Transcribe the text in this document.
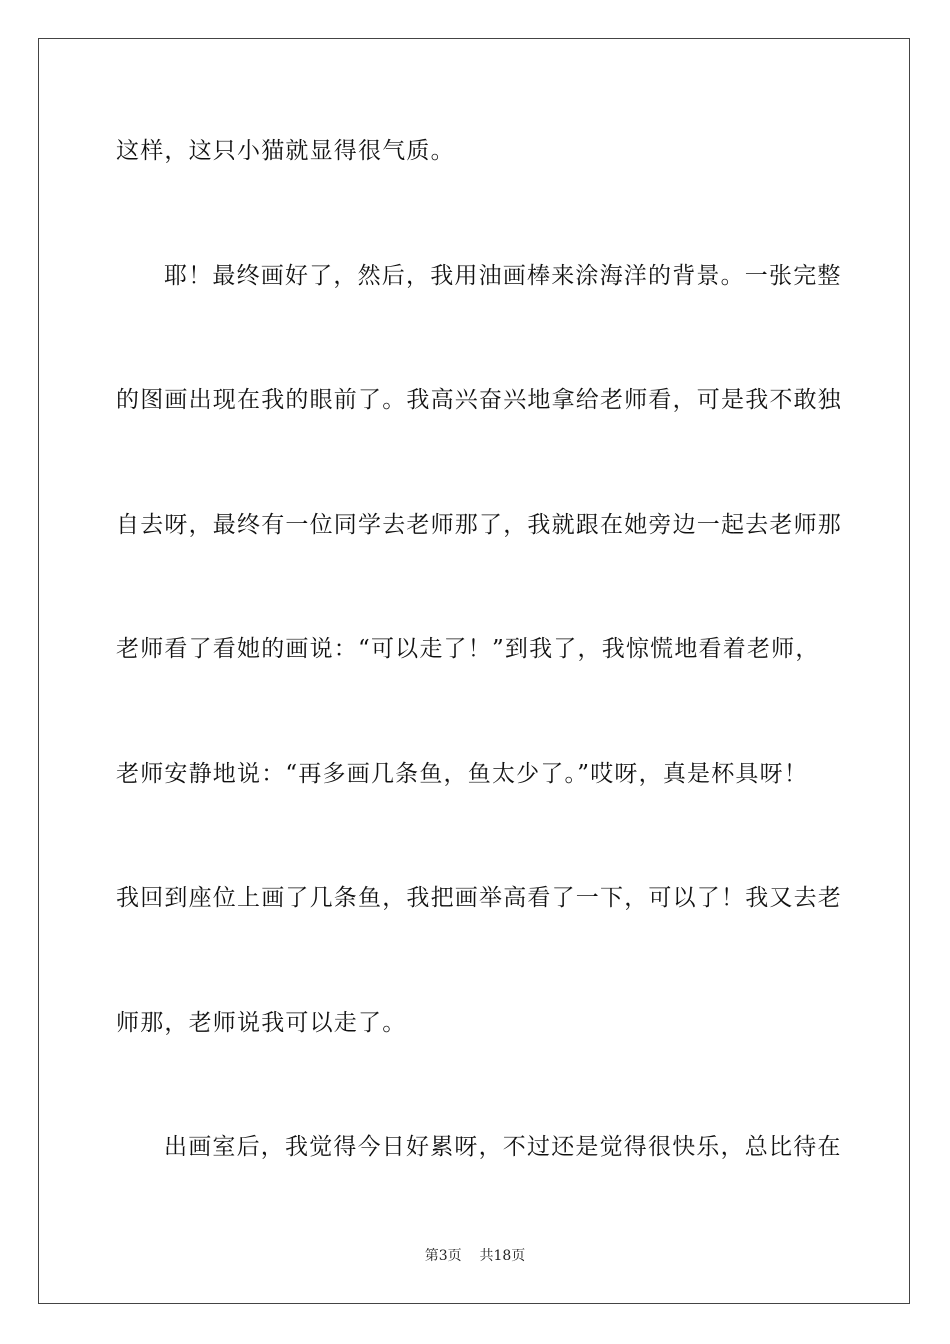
这样，这只小猫就显得很气质。
耶！最终画好了，然后，我用油画棒来涂海洋的背景。一张完整
的图画出现在我的眼前了。我高兴奋兴地拿给老师看，可是我不敢独
自去呀，最终有一位同学去老师那了，我就跟在她旁边一起去老师那
老师看了看她的画说：“可以走了！”到我了，我惊慌地看着老师，
老师安静地说：“再多画几条鱼，鱼太少了。”哎呀，真是杯具呀！
我回到座位上画了几条鱼，我把画举高看了一下，可以了！我又去老
师那，老师说我可以走了。
出画室后，我觉得今日好累呀，不过还是觉得很快乐，总比待在
第3页 共18页
